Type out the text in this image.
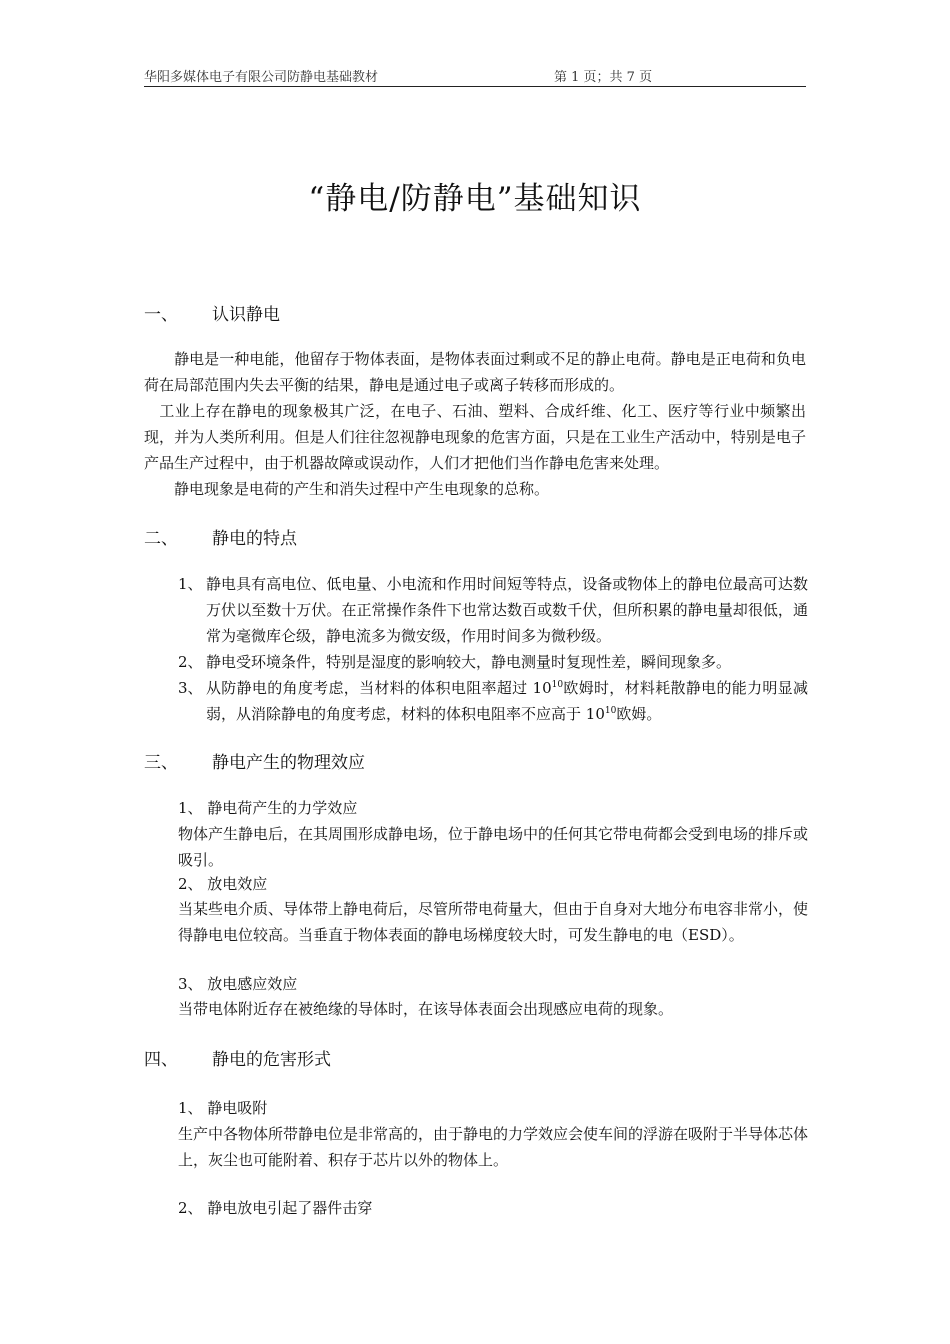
华阳多媒体电子有限公司防静电基础教材	第 1 页；共 7 页
“静电/防静电”基础知识
一、 认识静电
　　静电是一种电能，他留存于物体表面，是物体表面过剩或不足的静止电荷。静电是正电荷和负电荷在局部范围内失去平衡的结果，静电是通过电子或离子转移而形成的。
　工业上存在静电的现象极其广泛，在电子、石油、塑料、合成纤维、化工、医疗等行业中频繁出现，并为人类所利用。但是人们往往忽视静电现象的危害方面，只是在工业生产活动中，特别是电子产品生产过程中，由于机器故障或误动作，人们才把他们当作静电危害来处理。
　　静电现象是电荷的产生和消失过程中产生电现象的总称。
二、 静电的特点
1、 静电具有高电位、低电量、小电流和作用时间短等特点，设备或物体上的静电位最高可达数万伏以至数十万伏。在正常操作条件下也常达数百或数千伏，但所积累的静电量却很低，通常为毫微库仑级，静电流多为微安级，作用时间多为微秒级。
2、 静电受环境条件，特别是湿度的影响较大，静电测量时复现性差，瞬间现象多。
3、 从防静电的角度考虑，当材料的体积电阻率超过 $10^{10}$欧姆时，材料耗散静电的能力明显减弱，从消除静电的角度考虑，材料的体积电阻率不应高于 $10^{10}$欧姆。
三、 静电产生的物理效应
1、 静电荷产生的力学效应
物体产生静电后，在其周围形成静电场，位于静电场中的任何其它带电荷都会受到电场的排斥或吸引。
2、 放电效应
当某些电介质、导体带上静电荷后，尽管所带电荷量大，但由于自身对大地分布电容非常小，使得静电电位较高。当垂直于物体表面的静电场梯度较大时，可发生静电的电（ESD）。
3、 放电感应效应
当带电体附近存在被绝缘的导体时，在该导体表面会出现感应电荷的现象。
四、 静电的危害形式
1、 静电吸附
生产中各物体所带静电位是非常高的，由于静电的力学效应会使车间的浮游在吸附于半导体芯体上，灰尘也可能附着、积存于芯片以外的物体上。
2、 静电放电引起了器件击穿
